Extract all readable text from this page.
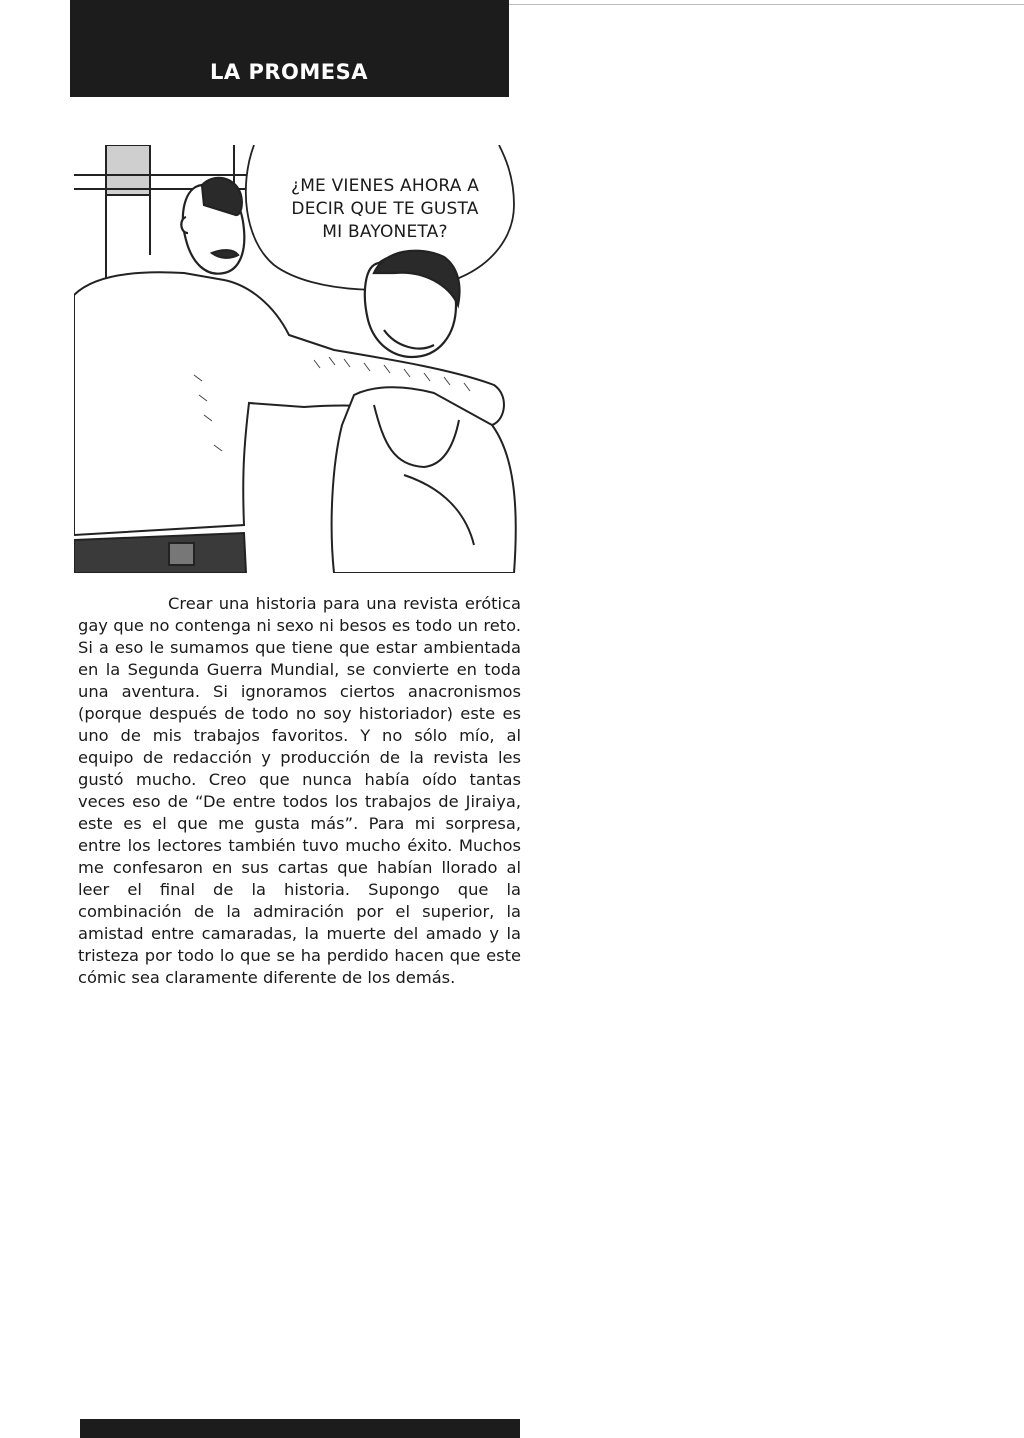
LA PROMESA
¿ME VIENES AHORA A
DECIR QUE TE GUSTA
MI BAYONETA?

Crear una historia para una revista erótica gay que no contenga ni sexo ni besos es todo un reto. Si a eso le sumamos que tiene que estar ambientada en la Segunda Guerra Mundial, se convierte en toda una aventura. Si ignoramos ciertos anacronismos (porque después de todo no soy historiador) este es uno de mis trabajos favoritos. Y no sólo mío, al equipo de redacción y producción de la revista les gustó mucho. Creo que nunca había oído tantas veces eso de “De entre todos los trabajos de Jiraiya, este es el que me gusta más”. Para mi sorpresa, entre los lectores también tuvo mucho éxito. Muchos me confesaron en sus cartas que habían llorado al leer el final de la historia. Supongo que la combinación de la admiración por el superior, la amistad entre camaradas, la muerte del amado y la tristeza por todo lo que se ha perdido hacen que este cómic sea claramente diferente de los demás.
